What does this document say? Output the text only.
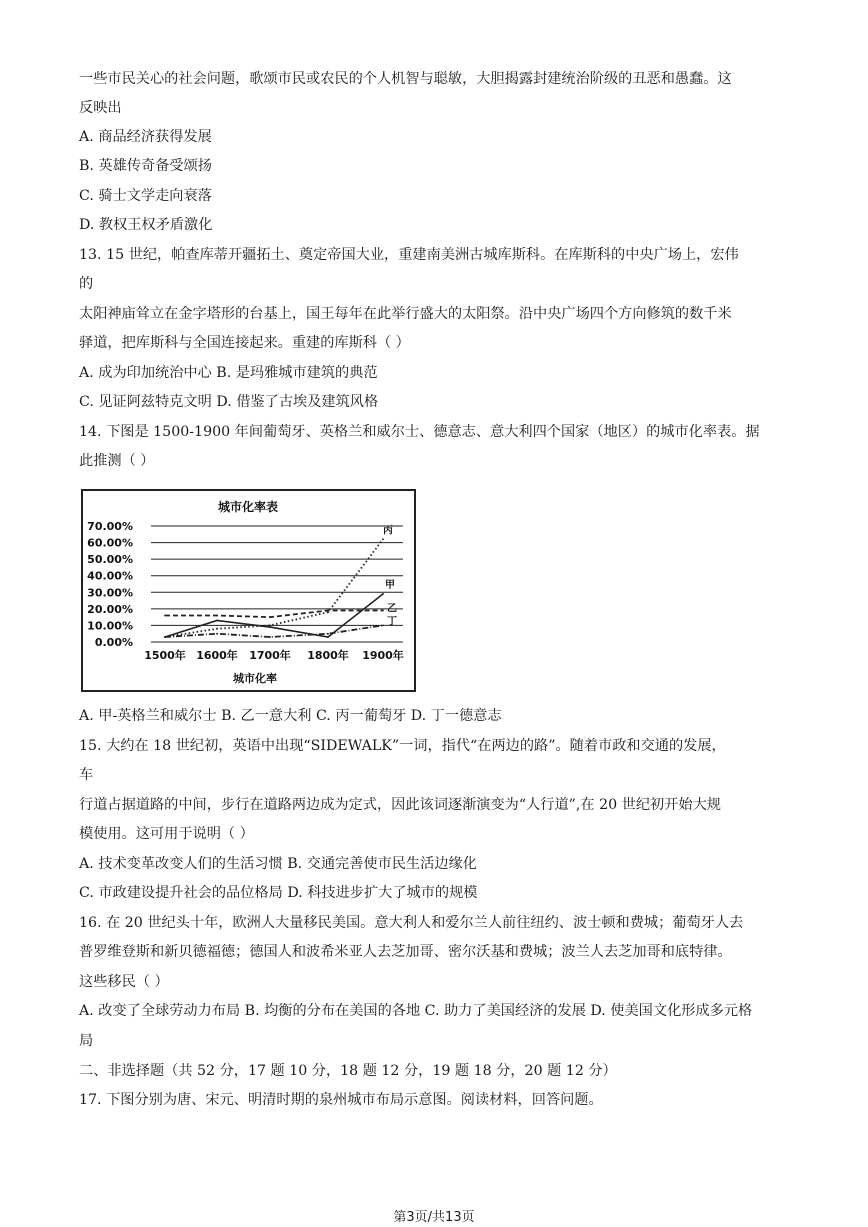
一些市民关心的社会问题，歌颂市民或农民的个人机智与聪敏，大胆揭露封建统治阶级的丑恶和愚蠢。这
反映出
A. 商品经济获得发展
B. 英雄传奇备受颂扬
C. 骑士文学走向衰落
D. 教权王权矛盾激化
13. 15 世纪，帕查库蒂开疆拓土、奠定帝国大业，重建南美洲古城库斯科。在库斯科的中央广场上，宏伟
的
太阳神庙耸立在金字塔形的台基上，国王每年在此举行盛大的太阳祭。沿中央广场四个方向修筑的数千米
驿道，把库斯科与全国连接起来。重建的库斯科（ ）
A. 成为印加统治中心 B. 是玛雅城市建筑的典范
C. 见证阿兹特克文明 D. 借鉴了古埃及建筑风格
14. 下图是 1500-1900 年间葡萄牙、英格兰和威尔士、德意志、意大利四个国家（地区）的城市化率表。据
此推测（ ）
A. 甲-英格兰和威尔士 B. 乙一意大利 C. 丙一葡萄牙 D. 丁一德意志
15. 大约在 18 世纪初，英语中出现“SIDEWALK”一词，指代“在两边的路”。随着市政和交通的发展，
车
行道占据道路的中间，步行在道路两边成为定式，因此该词逐渐演变为“人行道”,在 20 世纪初开始大规
模使用。这可用于说明（ ）
A. 技术变革改变人们的生活习惯 B. 交通完善使市民生活边缘化
C. 市政建设提升社会的品位格局 D. 科技进步扩大了城市的规模
16. 在 20 世纪头十年，欧洲人大量移民美国。意大利人和爱尔兰人前往纽约、波士顿和费城；葡萄牙人去
普罗维登斯和新贝德福德；德国人和波希米亚人去芝加哥、密尔沃基和费城；波兰人去芝加哥和底特律。
这些移民（ ）
A. 改变了全球劳动力布局 B. 均衡的分布在美国的各地 C. 助力了美国经济的发展 D. 使美国文化形成多元格
局
二、非选择题（共 52 分，17 题 10 分，18 题 12 分，19 题 18 分，20 题 12 分）
17. 下图分别为唐、宋元、明清时期的泉州城市布局示意图。阅读材料，回答问题。
城市化率表
0.00%
10.00%
20.00%
30.00%
40.00%
50.00%
60.00%
70.00%
1500年 1600年 1700年 1800年 1900年
城市化率
丙
甲
乙
丁
第3页/共13页
